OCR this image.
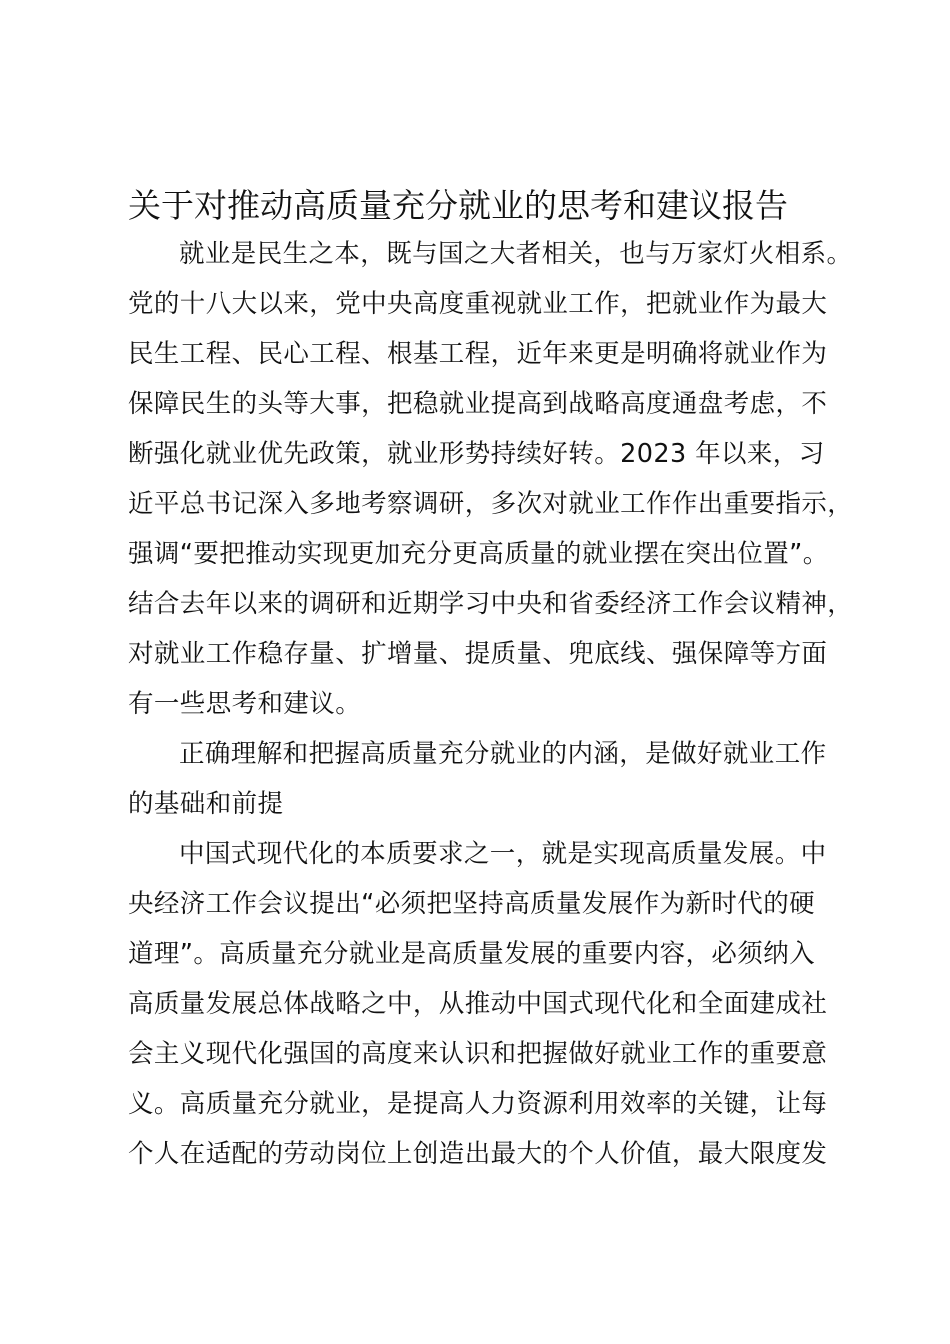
关于对推动高质量充分就业的思考和建议报告
就业是民生之本，既与国之大者相关，也与万家灯火相系。
党的十八大以来，党中央高度重视就业工作，把就业作为最大
民生工程、民心工程、根基工程，近年来更是明确将就业作为
保障民生的头等大事，把稳就业提高到战略高度通盘考虑，不
断强化就业优先政策，就业形势持续好转。2023 年以来，习
近平总书记深入多地考察调研，多次对就业工作作出重要指示，
强调“要把推动实现更加充分更高质量的就业摆在突出位置”。
结合去年以来的调研和近期学习中央和省委经济工作会议精神，
对就业工作稳存量、扩增量、提质量、兜底线、强保障等方面
有一些思考和建议。
正确理解和把握高质量充分就业的内涵，是做好就业工作
的基础和前提
中国式现代化的本质要求之一，就是实现高质量发展。中
央经济工作会议提出“必须把坚持高质量发展作为新时代的硬
道理”。高质量充分就业是高质量发展的重要内容，必须纳入
高质量发展总体战略之中，从推动中国式现代化和全面建成社
会主义现代化强国的高度来认识和把握做好就业工作的重要意
义。高质量充分就业，是提高人力资源利用效率的关键，让每
个人在适配的劳动岗位上创造出最大的个人价值，最大限度发
